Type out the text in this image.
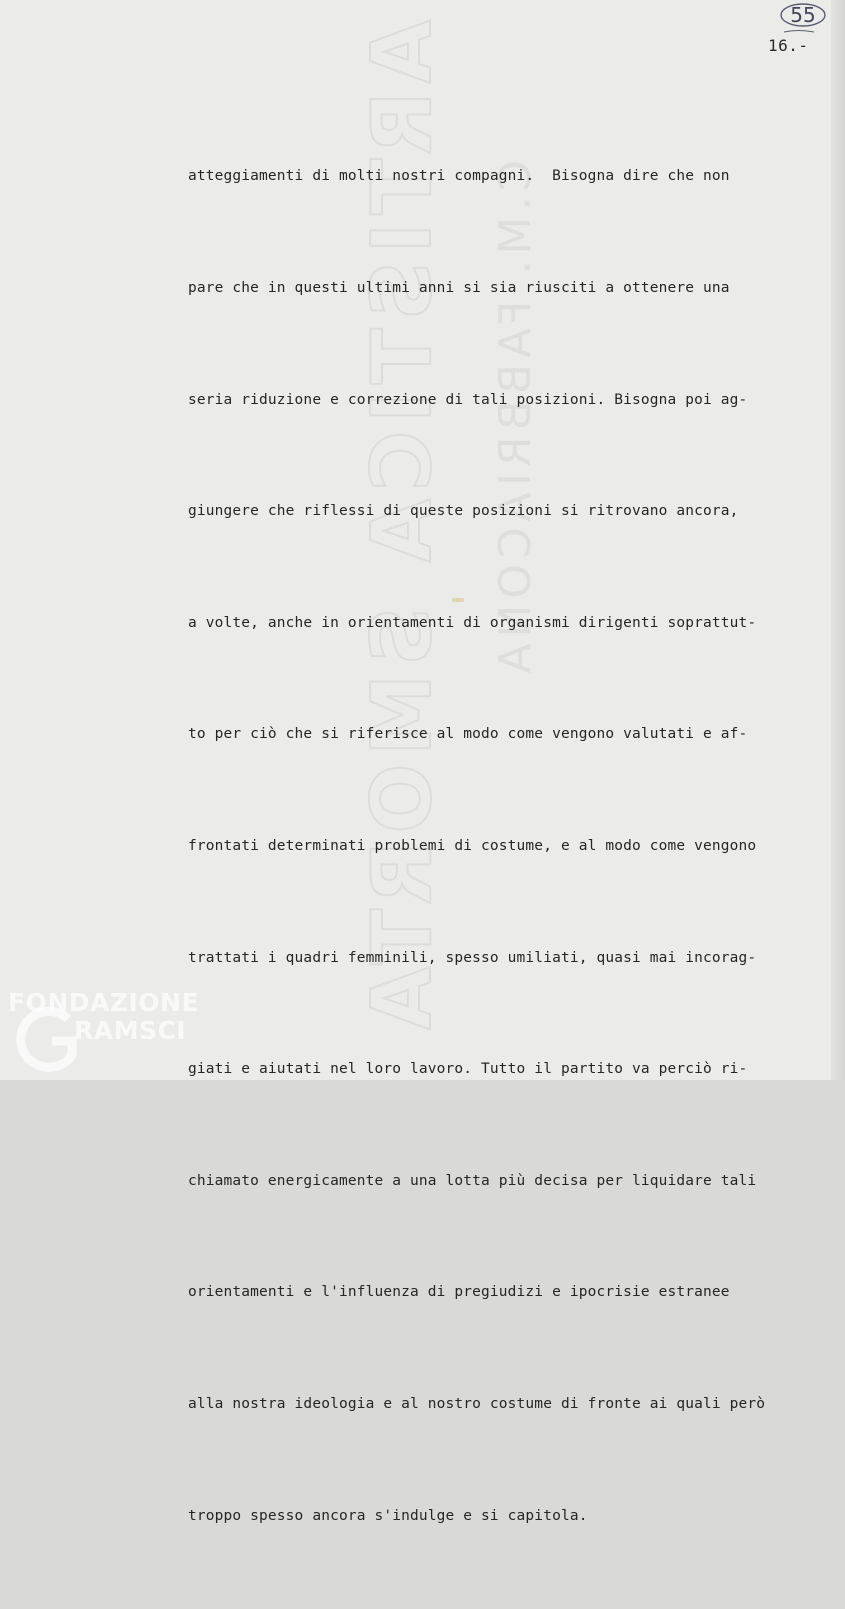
ARTISTICA SMORTA C.M. FABBRIACONA
55
16.-

atteggiamenti di molti nostri compagni.  Bisogna dire che non

pare che in questi ultimi anni si sia riusciti a ottenere una

seria riduzione e correzione di tali posizioni. Bisogna poi ag-

giungere che riflessi di queste posizioni si ritrovano ancora,

a volte, anche in orientamenti di organismi dirigenti soprattut-

to per ciò che si riferisce al modo come vengono valutati e af-

frontati determinati problemi di costume, e al modo come vengono

trattati i quadri femminili, spesso umiliati, quasi mai incorag-

giati e aiutati nel loro lavoro. Tutto il partito va perciò ri-

chiamato energicamente a una lotta più decisa per liquidare tali

orientamenti e l'influenza di pregiudizi e ipocrisie estranee

alla nostra ideologia e al nostro costume di fronte ai quali però

troppo spesso ancora s'indulge e si capitola.

FONDAZIONE
RAMSCI
